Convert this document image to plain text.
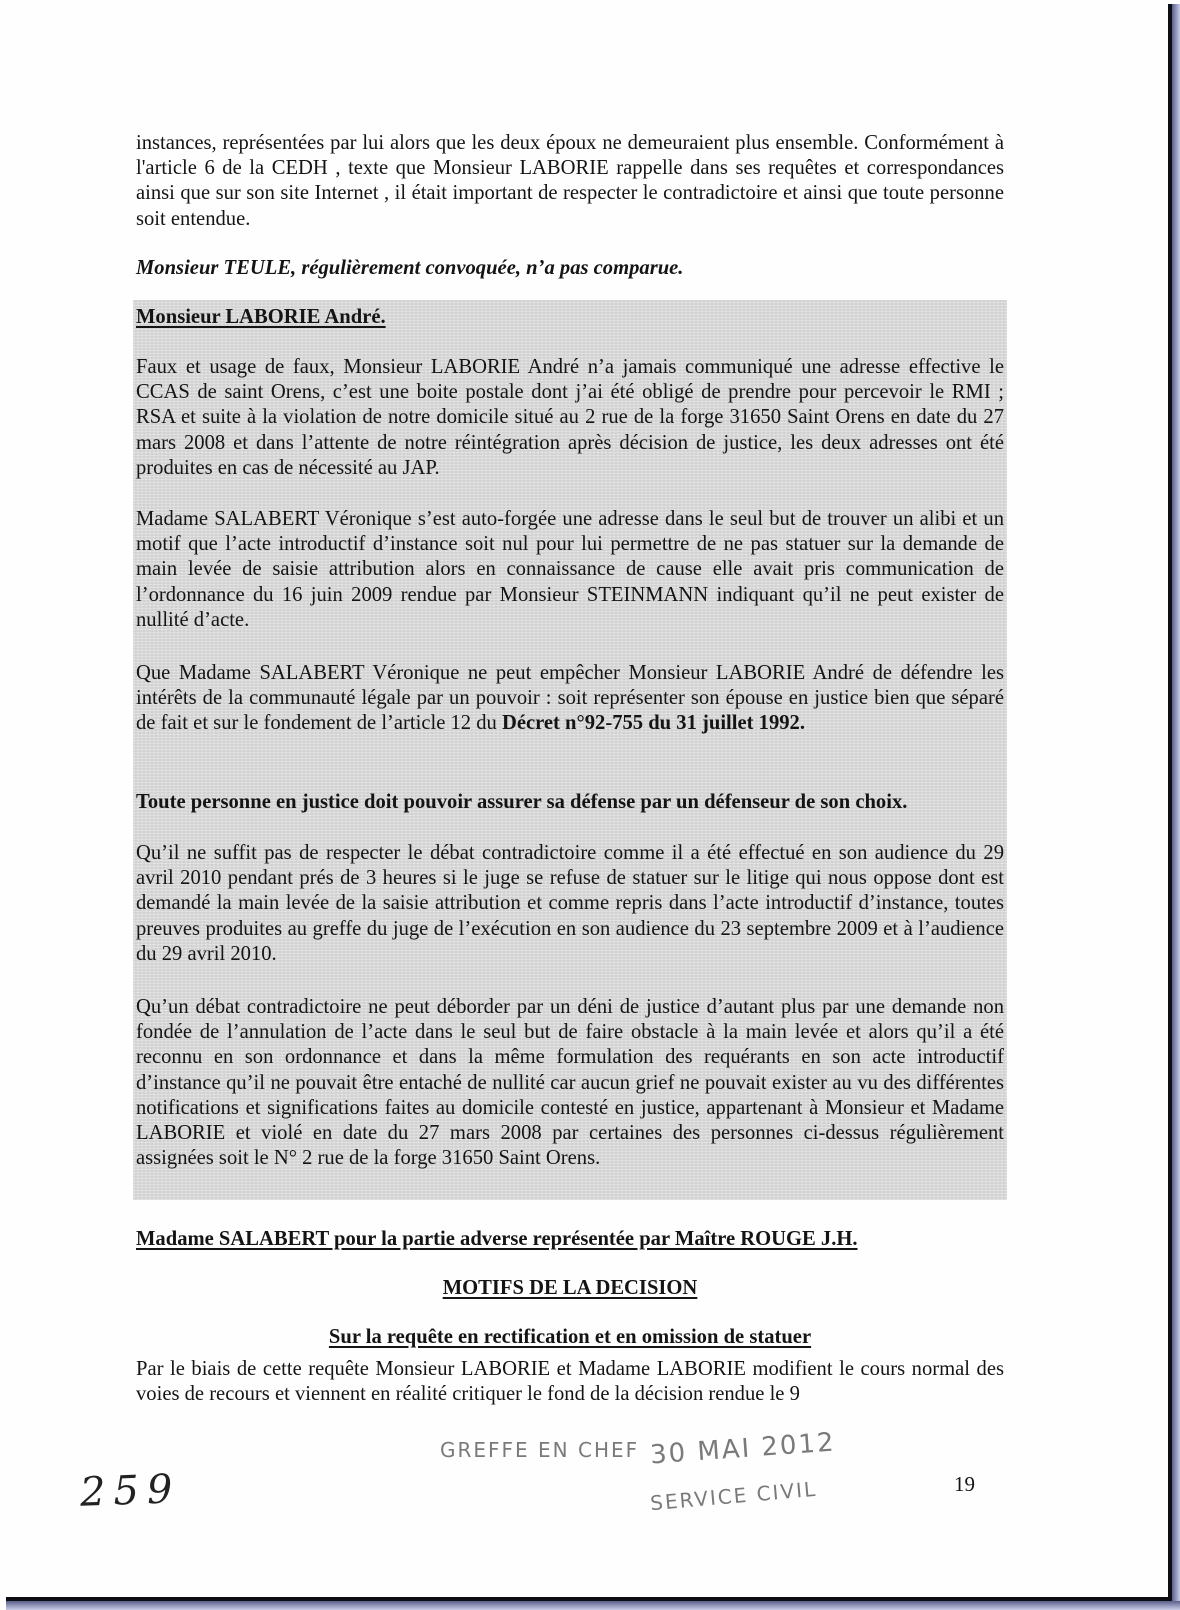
instances, représentées par lui alors que les deux époux ne demeuraient plus ensemble. Conformément à l'article 6 de la CEDH , texte que Monsieur LABORIE rappelle dans ses requêtes et correspondances ainsi que sur son site Internet , il était important de respecter le contradictoire et ainsi que toute personne soit entendue.

Monsieur TEULE, régulièrement convoquée, n’a pas comparue.

Monsieur LABORIE André.

Faux et usage de faux, Monsieur LABORIE André n’a jamais communiqué une adresse effective le CCAS de saint Orens, c’est une boite postale dont j’ai été obligé de prendre pour percevoir le RMI ; RSA et suite à la violation de notre domicile situé au 2 rue de la forge 31650 Saint Orens en date du 27 mars 2008 et dans l’attente de notre réintégration après décision de justice, les deux adresses ont été produites en cas de nécessité au JAP.

Madame SALABERT Véronique s’est auto-forgée une adresse dans le seul but de trouver un alibi et un motif que l’acte introductif d’instance soit nul pour lui permettre de ne pas statuer sur la demande de main levée de saisie attribution alors en connaissance de cause elle avait pris communication de l’ordonnance du 16 juin 2009 rendue par Monsieur STEINMANN indiquant qu’il ne peut exister de nullité d’acte.

Que Madame SALABERT Véronique ne peut empêcher Monsieur LABORIE André de défendre les intérêts de la communauté légale par un pouvoir : soit représenter son épouse en justice bien que séparé de fait et sur le fondement de l’article 12 du Décret n°92-755 du 31 juillet 1992.

Toute personne en justice doit pouvoir assurer sa défense par un défenseur de son choix.

Qu’il ne suffit pas de respecter le débat contradictoire comme il a été effectué en son audience du 29 avril 2010 pendant prés de 3 heures si le juge se refuse de statuer sur le litige qui nous oppose dont est demandé la main levée de la saisie attribution et comme repris dans l’acte introductif d’instance, toutes preuves produites au greffe du juge de l’exécution en son audience du 23 septembre 2009 et à l’audience du 29 avril 2010.

Qu’un débat contradictoire ne peut déborder par un déni de justice d’autant plus par une demande non fondée de l’annulation de l’acte dans le seul but de faire obstacle à la main levée et alors qu’il a été reconnu en son ordonnance et dans la même formulation des requérants en son acte introductif d’instance qu’il ne pouvait être entaché de nullité car aucun grief ne pouvait exister au vu des différentes notifications et significations faites au domicile contesté en justice, appartenant à Monsieur et Madame LABORIE et violé en date du 27 mars 2008 par certaines des personnes ci-dessus régulièrement assignées soit le N° 2 rue de la forge 31650 Saint Orens.

Madame SALABERT pour la partie adverse représentée par Maître ROUGE J.H.

MOTIFS DE LA DECISION

Sur la requête en rectification et en omission de statuer

Par le biais de cette requête Monsieur LABORIE et Madame LABORIE modifient le cours normal des voies de recours et viennent en réalité critiquer le fond de la décision rendue le 9

GREFFE EN CHEF 30 MAI 2012
SERVICE CIVIL
259	19
